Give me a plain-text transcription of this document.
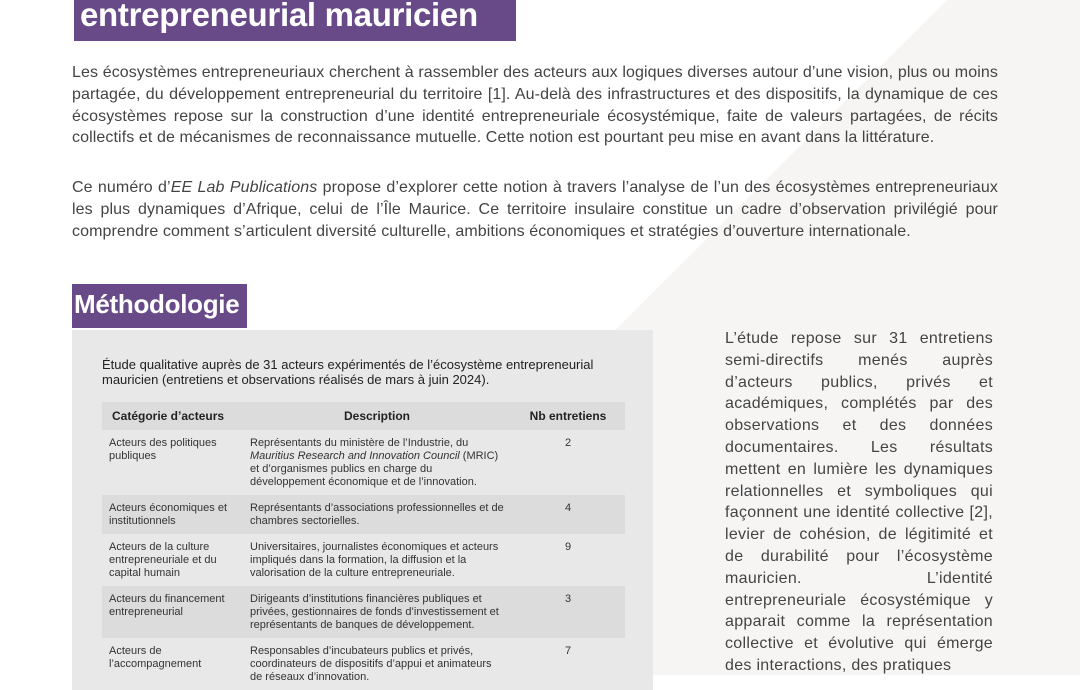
entrepreneurial mauricien

Les écosystèmes entrepreneuriaux cherchent à rassembler des acteurs aux logiques diverses autour d’une vision, plus ou moins partagée, du développement entrepreneurial du territoire [1]. Au-delà des infrastructures et des dispositifs, la dynamique de ces écosystèmes repose sur la construction d’une identité entrepreneuriale écosystémique, faite de valeurs partagées, de récits collectifs et de mécanismes de reconnaissance mutuelle. Cette notion est pourtant peu mise en avant dans la littérature.

Ce numéro d’EE Lab Publications propose d’explorer cette notion à travers l’analyse de l’un des écosystèmes entrepreneuriaux les plus dynamiques d’Afrique, celui de l’Île Maurice. Ce territoire insulaire constitue un cadre d’observation privilégié pour comprendre comment s’articulent diversité culturelle, ambitions économiques et stratégies d’ouverture internationale.

Méthodologie
Étude qualitative auprès de 31 acteurs expérimentés de l’écosystème entrepreneurial mauricien (entretiens et observations réalisés de mars à juin 2024).
Catégorie d’acteurs	Description	Nb entretiens
Acteurs des politiques publiques	Représentants du ministère de l’Industrie, du Mauritius Research and Innovation Council (MRIC) et d’organismes publics en charge du développement économique et de l’innovation.	2
Acteurs économiques et institutionnels	Représentants d’associations professionnelles et de chambres sectorielles.	4
Acteurs de la culture entrepreneuriale et du capital humain	Universitaires, journalistes économiques et acteurs impliqués dans la formation, la diffusion et la valorisation de la culture entrepreneuriale.	9
Acteurs du financement entrepreneurial	Dirigeants d’institutions financières publiques et privées, gestionnaires de fonds d’investissement et représentants de banques de développement.	3
Acteurs de l’accompagnement	Responsables d’incubateurs publics et privés, coordinateurs de dispositifs d’appui et animateurs de réseaux d’innovation.	7

L’étude repose sur 31 entretiens semi-directifs menés auprès d’acteurs publics, privés et académiques, complétés par des observations et des données documentaires. Les résultats mettent en lumière les dynamiques relationnelles et symboliques qui façonnent une identité collective [2], levier de cohésion, de légitimité et de durabilité pour l’écosystème mauricien. L’identité entrepreneuriale écosystémique y apparait comme la représentation collective et évolutive qui émerge des interactions, des pratiques
